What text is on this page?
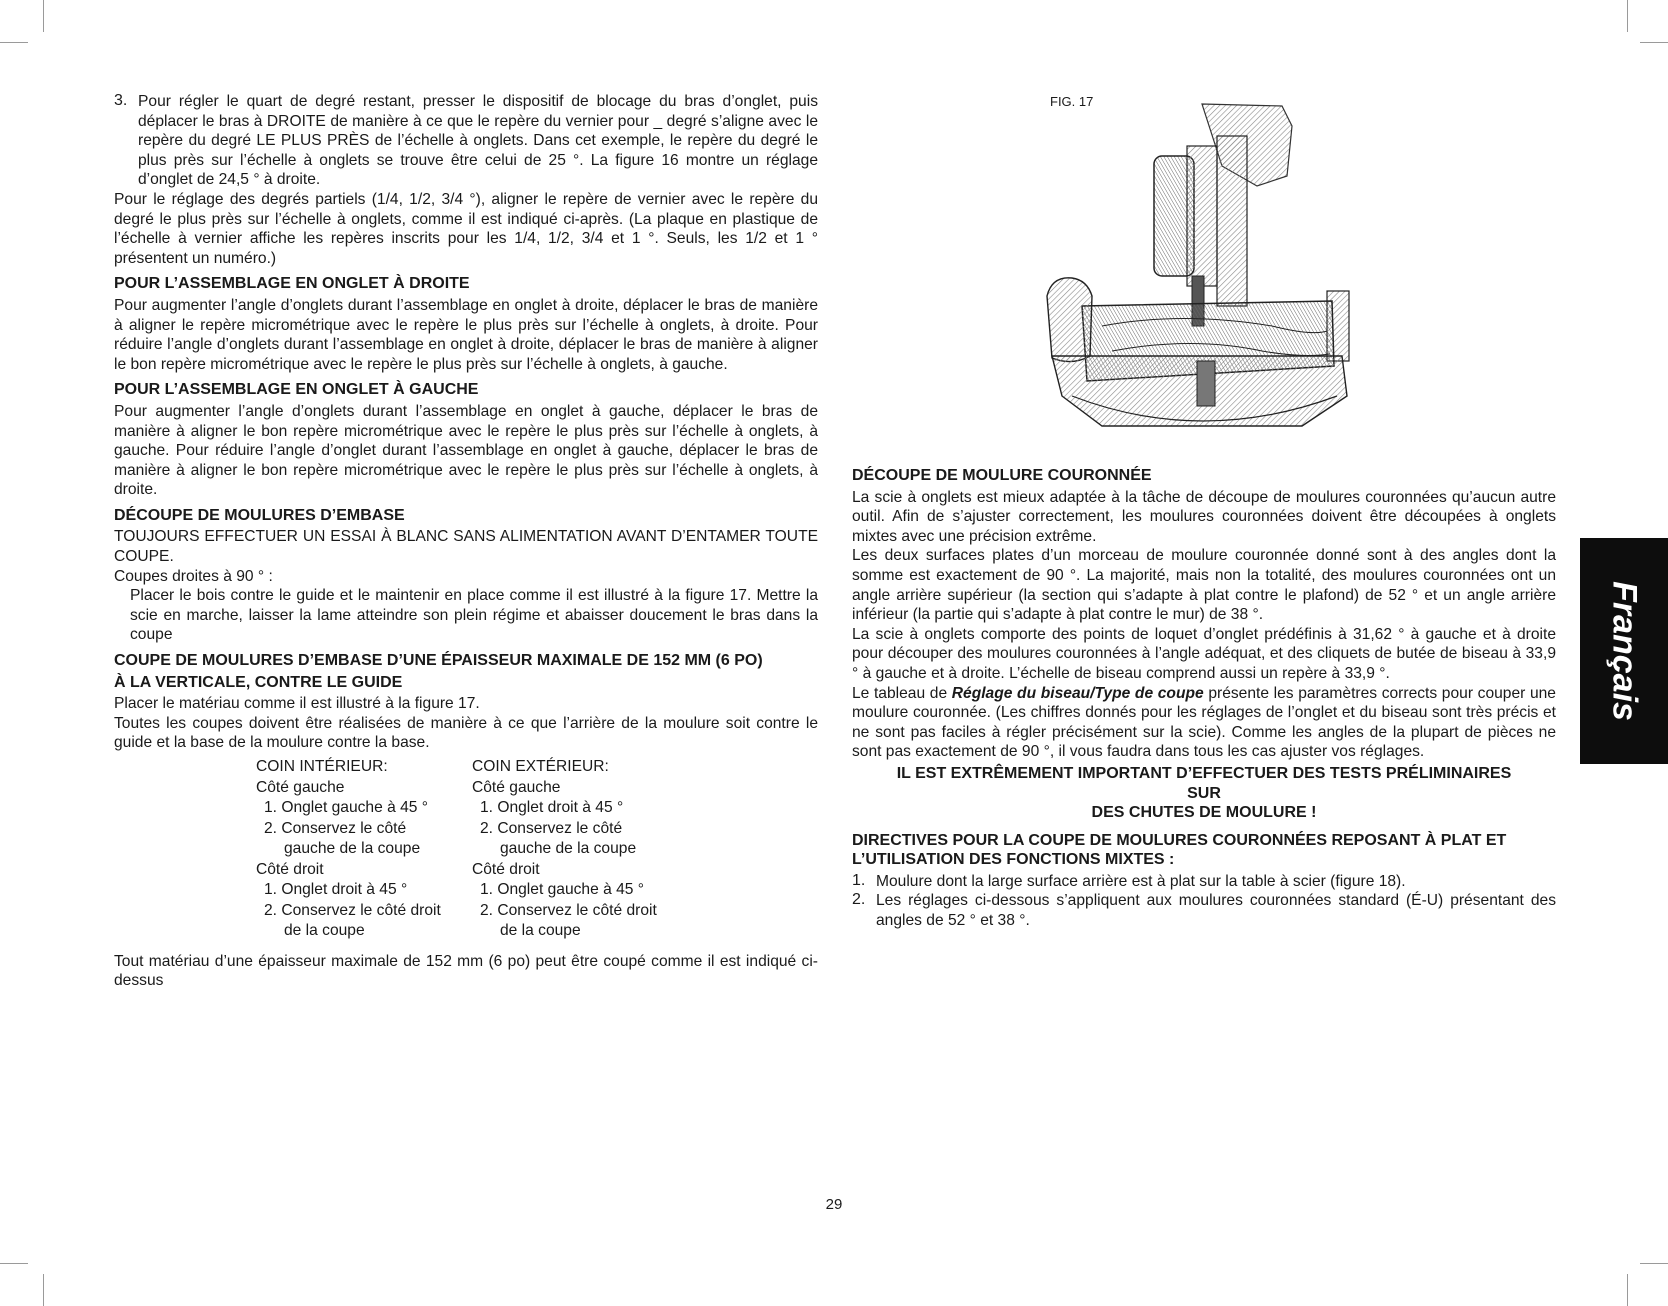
3. Pour régler le quart de degré restant, presser le dispositif de blocage du bras d’onglet, puis déplacer le bras à DROITE de manière à ce que le repère du vernier pour _ degré s’aligne avec le repère du degré LE PLUS PRÈS de l’échelle à onglets. Dans cet exemple, le repère du degré le plus près sur l’échelle à onglets se trouve être celui de 25 °. La figure 16 montre un réglage d’onglet de 24,5 ° à droite.

Pour le réglage des degrés partiels (1/4, 1/2, 3/4 °), aligner le repère de vernier avec le repère du degré le plus près sur l’échelle à onglets, comme il est indiqué ci-après. (La plaque en plastique de l’échelle à vernier affiche les repères inscrits pour les 1/4, 1/2, 3/4 et 1 °. Seuls, les 1/2 et 1 ° présentent un numéro.)

POUR L’ASSEMBLAGE EN ONGLET À DROITE

Pour augmenter l’angle d’onglets durant l’assemblage en onglet à droite, déplacer le bras de manière à aligner le repère micrométrique avec le repère le plus près sur l’échelle à onglets, à droite. Pour réduire l’angle d’onglets durant l’assemblage en onglet à droite, déplacer le bras de manière à aligner le bon repère micrométrique avec le repère le plus près sur l’échelle à onglets, à gauche.

POUR L’ASSEMBLAGE EN ONGLET À GAUCHE

Pour augmenter l’angle d’onglets durant l’assemblage en onglet à gauche, déplacer le bras de manière à aligner le bon repère micrométrique avec le repère le plus près sur l’échelle à onglets, à gauche. Pour réduire l’angle d’onglet durant l’assemblage en onglet à gauche, déplacer le bras de manière à aligner le bon repère micrométrique avec le repère le plus près sur l’échelle à onglets, à droite.

DÉCOUPE DE MOULURES D’EMBASE

TOUJOURS EFFECTUER UN ESSAI À BLANC SANS ALIMENTATION AVANT D’ENTAMER TOUTE COUPE.

Coupes droites à 90 ° :

Placer le bois contre le guide et le maintenir en place comme il est illustré à la figure 17. Mettre la scie en marche, laisser la lame atteindre son plein régime et abaisser doucement le bras dans la coupe

COUPE DE MOULURES D’EMBASE D’UNE ÉPAISSEUR MAXIMALE DE 152 MM (6 PO)
À LA VERTICALE, CONTRE LE GUIDE

Placer le matériau comme il est illustré à la figure 17.

Toutes les coupes doivent être réalisées de manière à ce que l’arrière de la moulure soit contre le guide et la base de la moulure contre la base.

COIN INTÉRIEUR:
Côté gauche
1. Onglet gauche à 45 °
2. Conservez le côté
gauche de la coupe
Côté droit
1. Onglet droit à 45 °
2. Conservez le côté droit
de la coupe
COIN EXTÉRIEUR:
Côté gauche
1. Onglet droit à 45 °
2. Conservez le côté
gauche de la coupe
Côté droit
1. Onglet gauche à 45 °
2. Conservez le côté droit
de la coupe

Tout matériau d’une épaisseur maximale de 152 mm (6 po) peut être coupé comme il est indiqué ci-dessus

FIG. 17
DÉCOUPE DE MOULURE COURONNÉE

La scie à onglets est mieux adaptée à la tâche de découpe de moulures couronnées qu’aucun autre outil. Afin de s’ajuster correctement, les moulures couronnées doivent être découpées à onglets mixtes avec une précision extrême.

Les deux surfaces plates d’un morceau de moulure couronnée donné sont à des angles dont la somme est exactement de 90 °. La majorité, mais non la totalité, des moulures couronnées ont un angle arrière supérieur (la section qui s’adapte à plat contre le plafond) de 52 ° et un angle arrière inférieur (la partie qui s’adapte à plat contre le mur) de 38 °.

La scie à onglets comporte des points de loquet d’onglet prédéfinis à 31,62 ° à gauche et à droite pour découper des moulures couronnées à l’angle adéquat, et des cliquets de butée de biseau à 33,9 ° à gauche et à droite. L’échelle de biseau comprend aussi un repère à 33,9 °.

Le tableau de Réglage du biseau/Type de coupe présente les paramètres corrects pour couper une moulure couronnée. (Les chiffres donnés pour les réglages de l’onglet et du biseau sont très précis et ne sont pas faciles à régler précisément sur la scie). Comme les angles de la plupart de pièces ne sont pas exactement de 90 °, il vous faudra dans tous les cas ajuster vos réglages.

IL EST EXTRÊMEMENT IMPORTANT D’EFFECTUER DES TESTS PRÉLIMINAIRES
SUR
DES CHUTES DE MOULURE !
DIRECTIVES POUR LA COUPE DE MOULURES COURONNÉES REPOSANT À PLAT ET L’UTILISATION DES FONCTIONS MIXTES :
1. Moulure dont la large surface arrière est à plat sur la table à scier (figure 18).

2. Les réglages ci-dessous s’appliquent aux moulures couronnées standard (É-U) présentant des angles de 52 ° et 38 °.

Français
29
